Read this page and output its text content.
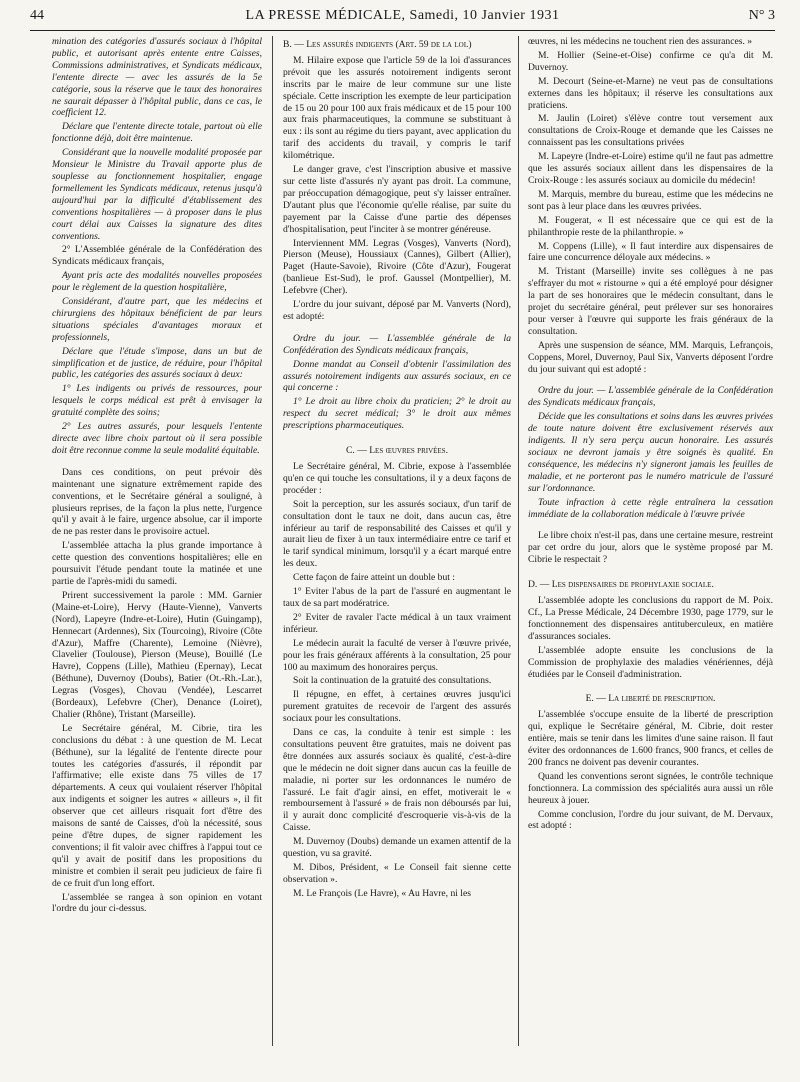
44	LA PRESSE MÉDICALE, Samedi, 10 Janvier 1931	N° 3

mination des catégories d'assurés sociaux à l'hôpital public, et autorisant après entente entre Caisses, Commissions administratives, et Syndicats médicaux, l'entente directe — avec les assurés de la 5e catégorie, sous la réserve que le taux des honoraires ne saurait dépasser à l'hôpital public, dans ce cas, le coefficient 12.

Déclare que l'entente directe totale, partout où elle fonctionne déjà, doit être maintenue.

Considérant que la nouvelle modalité proposée par Monsieur le Ministre du Travail apporte plus de souplesse au fonctionnement hospitalier, engage formellement les Syndicats médicaux, retenus jusqu'à aujourd'hui par la difficulté d'établissement des conventions hospitalières — à proposer dans le plus court délai aux Caisses la signature des dites conventions.

2° L'Assemblée générale de la Confédération des Syndicats médicaux français,

Ayant pris acte des modalités nouvelles proposées pour le règlement de la question hospitalière,

Considérant, d'autre part, que les médecins et chirurgiens des hôpitaux bénéficient de par leurs situations spéciales d'avantages moraux et professionnels,

Déclare que l'étude s'impose, dans un but de simplification et de justice, de réduire, pour l'hôpital public, les catégories des assurés sociaux à deux:

1° Les indigents ou privés de ressources, pour lesquels le corps médical est prêt à envisager la gratuité complète des soins;

2° Les autres assurés, pour lesquels l'entente directe avec libre choix partout où il sera possible doit être reconnue comme la seule modalité équitable.

Dans ces conditions, on peut prévoir dès maintenant une signature extrêmement rapide des conventions, et le Secrétaire général a souligné, à plusieurs reprises, de la façon la plus nette, l'urgence qu'il y avait à le faire, urgence absolue, car il importe de ne pas rester dans le provisoire actuel.

L'assemblée attacha la plus grande importance à cette question des conventions hospitalières; elle en poursuivit l'étude pendant toute la matinée et une partie de l'après-midi du samedi.

Prirent successivement la parole : MM. Garnier (Maine-et-Loire), Hervy (Haute-Vienne), Vanverts (Nord), Lapeyre (Indre-et-Loire), Hutin (Guingamp), Hennecart (Ardennes), Six (Tourcoing), Rivoire (Côte d'Azur), Maffre (Charente), Lemoine (Nièvre), Clavelier (Toulouse), Pierson (Meuse), Bouillé (Le Havre), Coppens (Lille), Mathieu (Epernay), Lecat (Béthune), Duvernoy (Doubs), Batier (Ot.-Rh.-Lar.), Legras (Vosges), Chovau (Vendée), Lescarret (Bordeaux), Lefebvre (Cher), Denance (Loiret), Chalier (Rhône), Tristant (Marseille).

Le Secrétaire général, M. Cibrie, tira les conclusions du débat : à une question de M. Lecat (Béthune), sur la légalité de l'entente directe pour toutes les catégories d'assurés, il répondit par l'affirmative; elle existe dans 75 villes de 17 départements. A ceux qui voulaient réserver l'hôpital aux indigents et soigner les autres « ailleurs », il fit observer que cet ailleurs risquait fort d'être des maisons de santé de Caisses, d'où la nécessité, sous peine d'être dupes, de signer rapidement les conventions; il fit valoir avec chiffres à l'appui tout ce qu'il y avait de positif dans les propositions du ministre et combien il serait peu judicieux de faire fi de ce fruit d'un long effort.

L'assemblée se rangea à son opinion en votant l'ordre du jour ci-dessus.

B. — Les assurés indigents (Art. 59 de la loi.)

M. Hilaire expose que l'article 59 de la loi d'assurances prévoit que les assurés notoirement indigents seront inscrits par le maire de leur commune sur une liste spéciale. Cette inscription les exempte de leur participation de 15 ou 20 pour 100 aux frais médicaux et de 15 pour 100 aux frais pharmaceutiques, la commune se substituant à eux : ils sont au régime du tiers payant, avec application du tarif des accidents du travail, y compris le tarif kilométrique.

Le danger grave, c'est l'inscription abusive et massive sur cette liste d'assurés n'y ayant pas droit. La commune, par préoccupation démagogique, peut s'y laisser entraîner. D'autant plus que l'économie qu'elle réalise, par suite du payement par la Caisse d'une partie des dépenses d'hospitalisation, peut l'inciter à se montrer généreuse.

Interviennent MM. Legras (Vosges), Vanverts (Nord), Pierson (Meuse), Houssiaux (Cannes), Gilbert (Allier), Paget (Haute-Savoie), Rivoire (Côte d'Azur), Fougerat (banlieue Est-Sud), le prof. Gaussel (Montpellier), M. Lefebvre (Cher).

L'ordre du jour suivant, déposé par M. Vanverts (Nord), est adopté:

Ordre du jour. — L'assemblée générale de la Confédération des Syndicats médicaux français,

Donne mandat au Conseil d'obtenir l'assimilation des assurés notoirement indigents aux assurés sociaux, en ce qui concerne :

1° Le droit au libre choix du praticien; 2° le droit au respect du secret médical; 3° le droit aux mêmes prescriptions pharmaceutiques.

C. — Les œuvres privées.

Le Secrétaire général, M. Cibrie, expose à l'assemblée qu'en ce qui touche les consultations, il y a deux façons de procéder :

Soit la perception, sur les assurés sociaux, d'un tarif de consultation dont le taux ne doit, dans aucun cas, être inférieur au tarif de responsabilité des Caisses et qu'il y aurait lieu de fixer à un taux intermédiaire entre ce tarif et le tarif syndical minimum, lorsqu'il y a écart marqué entre les deux.

Cette façon de faire atteint un double but :

1° Eviter l'abus de la part de l'assuré en augmentant le taux de sa part modératrice.

2° Eviter de ravaler l'acte médical à un taux vraiment inférieur.

Le médecin aurait la faculté de verser à l'œuvre privée, pour les frais généraux afférents à la consultation, 25 pour 100 au maximum des honoraires perçus.

Soit la continuation de la gratuité des consultations.

Il répugne, en effet, à certaines œuvres jusqu'ici purement gratuites de recevoir de l'argent des assurés sociaux pour les consultations.

Dans ce cas, la conduite à tenir est simple : les consultations peuvent être gratuites, mais ne doivent pas être données aux assurés sociaux ès qualité, c'est-à-dire que le médecin ne doit signer dans aucun cas la feuille de maladie, ni porter sur les ordonnances le numéro de l'assuré. Le fait d'agir ainsi, en effet, motiverait le « remboursement à l'assuré » de frais non déboursés par lui, il y aurait donc complicité d'escroquerie vis-à-vis de la Caisse.

M. Duvernoy (Doubs) demande un examen attentif de la question, vu sa gravité.

M. Dibos, Président, « Le Conseil fait sienne cette observation ».

M. Le François (Le Havre), « Au Havre, ni les

œuvres, ni les médecins ne touchent rien des assurances. »

M. Hollier (Seine-et-Oise) confirme ce qu'a dit M. Duvernoy.

M. Decourt (Seine-et-Marne) ne veut pas de consultations externes dans les hôpitaux; il réserve les consultations aux praticiens.

M. Jaulin (Loiret) s'élève contre tout versement aux consultations de Croix-Rouge et demande que les Caisses ne connaissent pas les consultations privées

M. Lapeyre (Indre-et-Loire) estime qu'il ne faut pas admettre que les assurés sociaux aillent dans les dispensaires de la Croix-Rouge : les assurés sociaux au domicile du médecin!

M. Marquis, membre du bureau, estime que les médecins ne sont pas à leur place dans les œuvres privées.

M. Fougerat, « Il est nécessaire que ce qui est de la philanthropie reste de la philanthropie. »

M. Coppens (Lille), « Il faut interdire aux dispensaires de faire une concurrence déloyale aux médecins. »

M. Tristant (Marseille) invite ses collègues à ne pas s'effrayer du mot « ristourne » qui a été employé pour désigner la part de ses honoraires que le médecin consultant, dans le projet du secrétaire général, peut prélever sur ses honoraires pour verser à l'œuvre qui supporte les frais généraux de la consultation.

Après une suspension de séance, MM. Marquis, Lefrançois, Coppens, Morel, Duvernoy, Paul Six, Vanverts déposent l'ordre du jour suivant qui est adopté :

Ordre du jour. — L'assemblée générale de la Confédération des Syndicats médicaux français,

Décide que les consultations et soins dans les œuvres privées de toute nature doivent être exclusivement réservés aux indigents. Il n'y sera perçu aucun honoraire. Les assurés sociaux ne devront jamais y être soignés ès qualité. En conséquence, les médecins n'y signeront jamais les feuilles de maladie, et ne porteront pas le numéro matricule de l'assuré sur l'ordonnance.

Toute infraction à cette règle entraînera la cessation immédiate de la collaboration médicale à l'œuvre privée

Le libre choix n'est-il pas, dans une certaine mesure, restreint par cet ordre du jour, alors que le système proposé par M. Cibrie le respectait ?

D. — Les dispensaires de prophylaxie sociale.

L'assemblée adopte les conclusions du rapport de M. Poix. Cf., La Presse Médicale, 24 Décembre 1930, page 1779, sur le fonctionnement des dispensaires antituberculeux, en matière d'assurances sociales.

L'assemblée adopte ensuite les conclusions de la Commission de prophylaxie des maladies vénériennes, déjà étudiées par le Conseil d'administration.

E. — La liberté de prescription.

L'assemblée s'occupe ensuite de la liberté de prescription qui, explique le Secrétaire général, M. Cibrie, doit rester entière, mais se tenir dans les limites d'une saine raison. Il faut éviter des ordonnances de 1.600 francs, 900 francs, et celles de 200 francs ne doivent pas devenir courantes.

Quand les conventions seront signées, le contrôle technique fonctionnera. La commission des spécialités aura aussi un rôle heureux à jouer.

Comme conclusion, l'ordre du jour suivant, de M. Dervaux, est adopté :
